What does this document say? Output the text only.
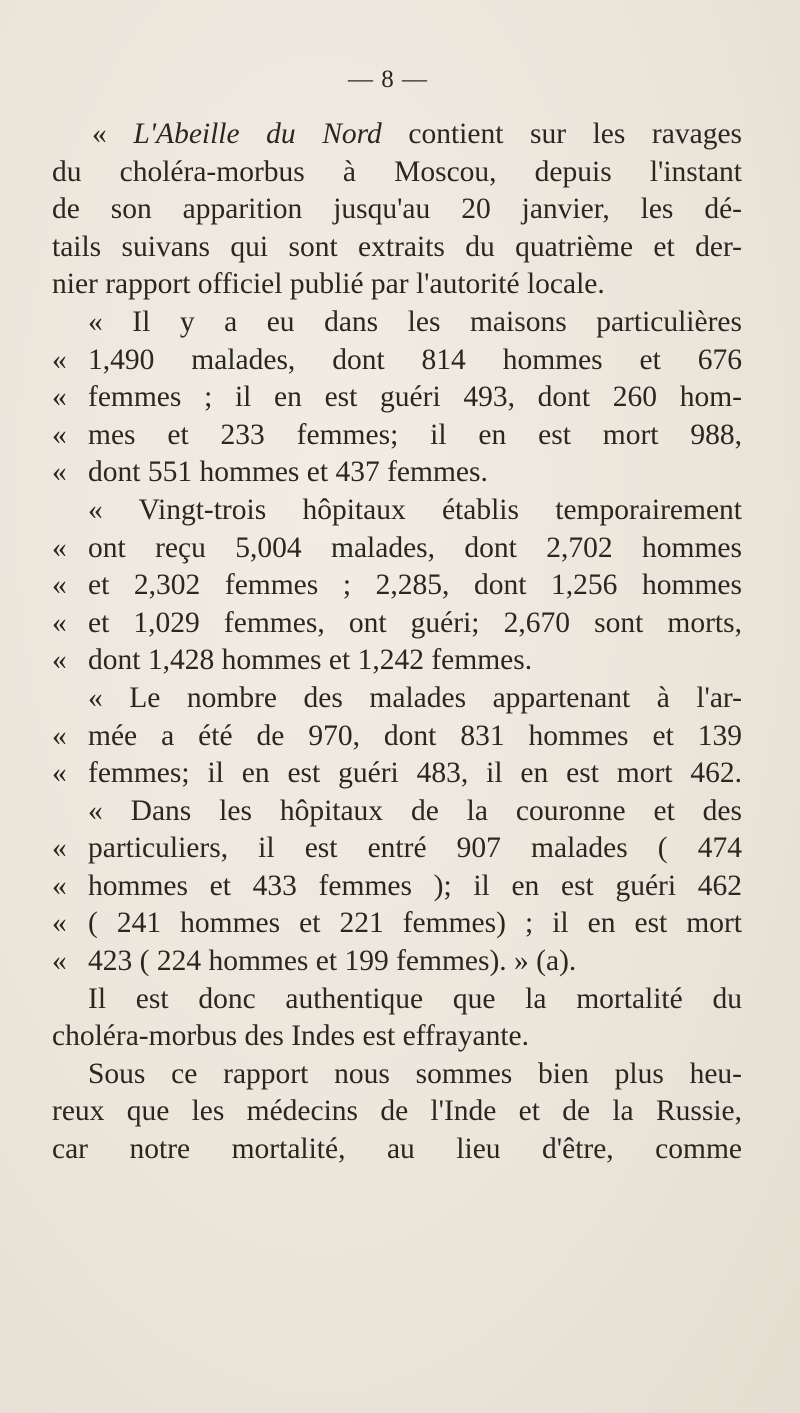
— 8 —
« L'Abeille du Nord contient sur les ravages
du choléra-morbus à Moscou, depuis l'instant
de son apparition jusqu'au 20 janvier, les dé-
tails suivans qui sont extraits du quatrième et der-
nier rapport officiel publié par l'autorité locale.
« Il y a eu dans les maisons particulières
« 1,490 malades, dont 814 hommes et 676
« femmes ; il en est guéri 493, dont 260 hom-
« mes et 233 femmes; il en est mort 988,
« dont 551 hommes et 437 femmes.
« Vingt-trois hôpitaux établis temporairement
« ont reçu 5,004 malades, dont 2,702 hommes
« et 2,302 femmes ; 2,285, dont 1,256 hommes
« et 1,029 femmes, ont guéri; 2,670 sont morts,
« dont 1,428 hommes et 1,242 femmes.
« Le nombre des malades appartenant à l'ar-
« mée a été de 970, dont 831 hommes et 139
« femmes; il en est guéri 483, il en est mort 462.
« Dans les hôpitaux de la couronne et des
« particuliers, il est entré 907 malades ( 474
« hommes et 433 femmes ); il en est guéri 462
« ( 241 hommes et 221 femmes) ; il en est mort
« 423 ( 224 hommes et 199 femmes). » (a).
Il est donc authentique que la mortalité du
choléra-morbus des Indes est effrayante.
Sous ce rapport nous sommes bien plus heu-
reux que les médecins de l'Inde et de la Russie,
car notre mortalité, au lieu d'être, comme
